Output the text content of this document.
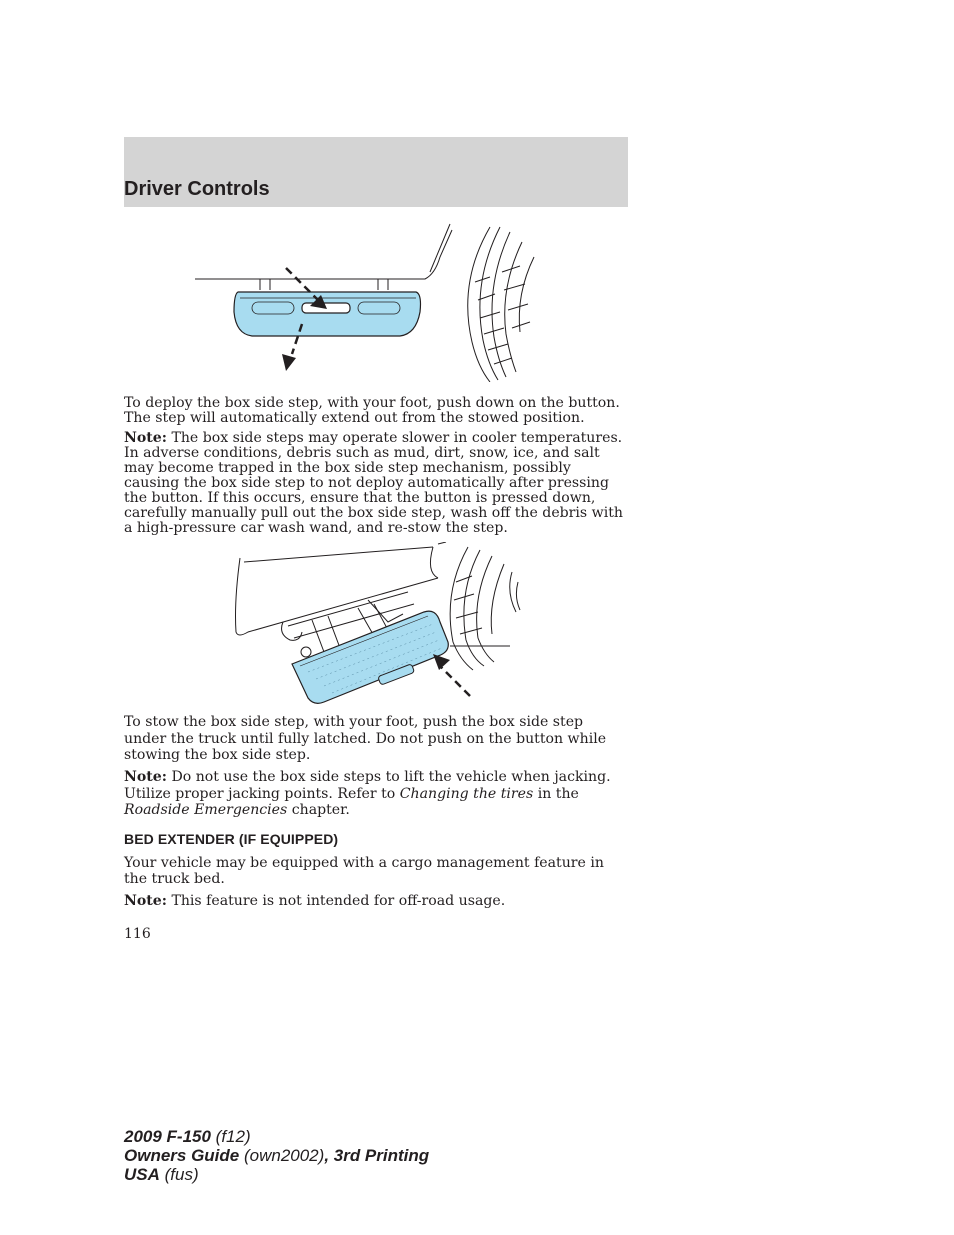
Driver Controls

To deploy the box side step, with your foot, push down on the button. The step will automatically extend out from the stowed position.

Note: The box side steps may operate slower in cooler temperatures. In adverse conditions, debris such as mud, dirt, snow, ice, and salt may become trapped in the box side step mechanism, possibly causing the box side step to not deploy automatically after pressing the button. If this occurs, ensure that the button is pressed down, carefully manually pull out the box side step, wash off the debris with a high-pressure car wash wand, and re-stow the step.

To stow the box side step, with your foot, push the box side step under the truck until fully latched. Do not push on the button while stowing the box side step.

Note: Do not use the box side steps to lift the vehicle when jacking. Utilize proper jacking points. Refer to Changing the tires in the Roadside Emergencies chapter.

BED EXTENDER (IF EQUIPPED)

Your vehicle may be equipped with a cargo management feature in the truck bed.

Note: This feature is not intended for off-road usage.

116
2009 F-150 (f12)
Owners Guide (own2002), 3rd Printing
USA (fus)
